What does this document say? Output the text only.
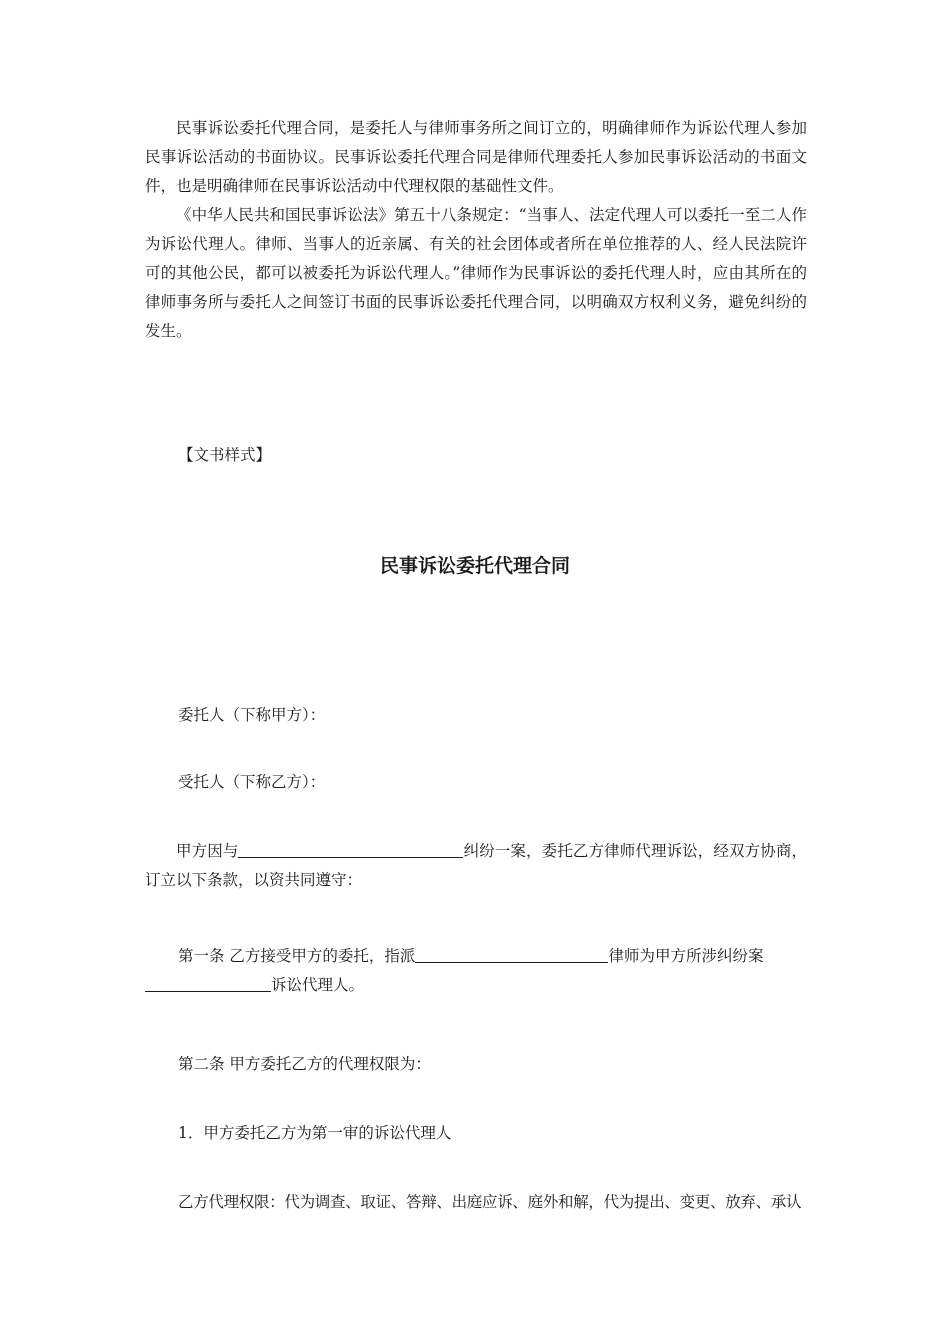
民事诉讼委托代理合同，是委托人与律师事务所之间订立的，明确律师作为诉讼代理人参加民事诉讼活动的书面协议。民事诉讼委托代理合同是律师代理委托人参加民事诉讼活动的书面文件，也是明确律师在民事诉讼活动中代理权限的基础性文件。

《中华人民共和国民事诉讼法》第五十八条规定：“当事人、法定代理人可以委托一至二人作为诉讼代理人。律师、当事人的近亲属、有关的社会团体或者所在单位推荐的人、经人民法院许可的其他公民，都可以被委托为诉讼代理人。”律师作为民事诉讼的委托代理人时，应由其所在的律师事务所与委托人之间签订书面的民事诉讼委托代理合同，以明确双方权利义务，避免纠纷的发生。

【文书样式】

民事诉讼委托代理合同

委托人（下称甲方）：

受托人（下称乙方）：

甲方因与	纠纷一案，委托乙方律师代理诉讼，经双方协商，订立以下条款，以资共同遵守：

第一条 乙方接受甲方的委托，指派	律师为甲方所涉纠纷案

诉讼代理人。

第二条 甲方委托乙方的代理权限为：

1．甲方委托乙方为第一审的诉讼代理人

乙方代理权限：代为调查、取证、答辩、出庭应诉、庭外和解，代为提出、变更、放弃、承认
